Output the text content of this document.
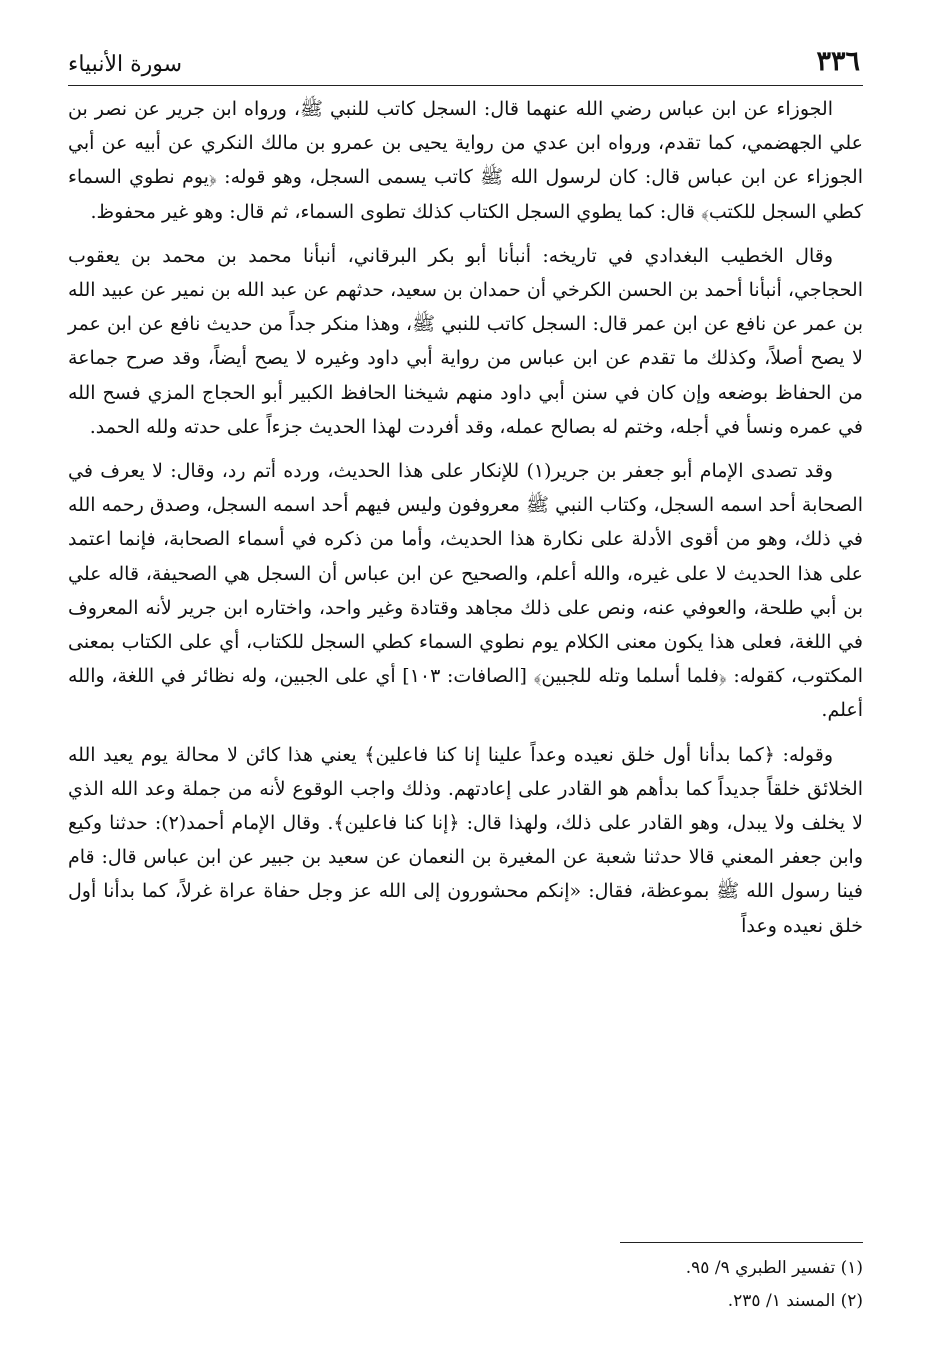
٣٣٦
سورة الأنبياء

الجوزاء عن ابن عباس رضي الله عنهما قال: السجل كاتب للنبي ﷺ، ورواه ابن جرير عن نصر بن علي الجهضمي، كما تقدم، ورواه ابن عدي من رواية يحيى بن عمرو بن مالك النكري عن أبيه عن أبي الجوزاء عن ابن عباس قال: كان لرسول الله ﷺ كاتب يسمى السجل، وهو قوله: ﴿يوم نطوي السماء كطي السجل للكتب﴾ قال: كما يطوي السجل الكتاب كذلك تطوى السماء، ثم قال: وهو غير محفوظ.

وقال الخطيب البغدادي في تاريخه: أنبأنا أبو بكر البرقاني، أنبأنا محمد بن محمد بن يعقوب الحجاجي، أنبأنا أحمد بن الحسن الكرخي أن حمدان بن سعيد، حدثهم عن عبد الله بن نمير عن عبيد الله بن عمر عن نافع عن ابن عمر قال: السجل كاتب للنبي ﷺ، وهذا منكر جداً من حديث نافع عن ابن عمر لا يصح أصلاً، وكذلك ما تقدم عن ابن عباس من رواية أبي داود وغيره لا يصح أيضاً، وقد صرح جماعة من الحفاظ بوضعه وإن كان في سنن أبي داود منهم شيخنا الحافظ الكبير أبو الحجاج المزي فسح الله في عمره ونسأ في أجله، وختم له بصالح عمله، وقد أفردت لهذا الحديث جزءاً على حدته ولله الحمد.

وقد تصدى الإمام أبو جعفر بن جرير(١) للإنكار على هذا الحديث، ورده أتم رد، وقال: لا يعرف في الصحابة أحد اسمه السجل، وكتاب النبي ﷺ معروفون وليس فيهم أحد اسمه السجل، وصدق رحمه الله في ذلك، وهو من أقوى الأدلة على نكارة هذا الحديث، وأما من ذكره في أسماء الصحابة، فإنما اعتمد على هذا الحديث لا على غيره، والله أعلم، والصحيح عن ابن عباس أن السجل هي الصحيفة، قاله علي بن أبي طلحة، والعوفي عنه، ونص على ذلك مجاهد وقتادة وغير واحد، واختاره ابن جرير لأنه المعروف في اللغة، فعلى هذا يكون معنى الكلام يوم نطوي السماء كطي السجل للكتاب، أي على الكتاب بمعنى المكتوب، كقوله: ﴿فلما أسلما وتله للجبين﴾ [الصافات: ١٠٣] أي على الجبين، وله نظائر في اللغة، والله أعلم.

وقوله: ﴿كما بدأنا أول خلق نعيده وعداً علينا إنا كنا فاعلين﴾ يعني هذا كائن لا محالة يوم يعيد الله الخلائق خلقاً جديداً كما بدأهم هو القادر على إعادتهم. وذلك واجب الوقوع لأنه من جملة وعد الله الذي لا يخلف ولا يبدل، وهو القادر على ذلك، ولهذا قال: ﴿إنا كنا فاعلين﴾. وقال الإمام أحمد(٢): حدثنا وكيع وابن جعفر المعني قالا حدثنا شعبة عن المغيرة بن النعمان عن سعيد بن جبير عن ابن عباس قال: قام فينا رسول الله ﷺ بموعظة، فقال: «إنكم محشورون إلى الله عز وجل حفاة عراة غرلاً، كما بدأنا أول خلق نعيده وعداً

(١) تفسير الطبري ٩/ ٩٥.
(٢) المسند ١/ ٢٣٥.
